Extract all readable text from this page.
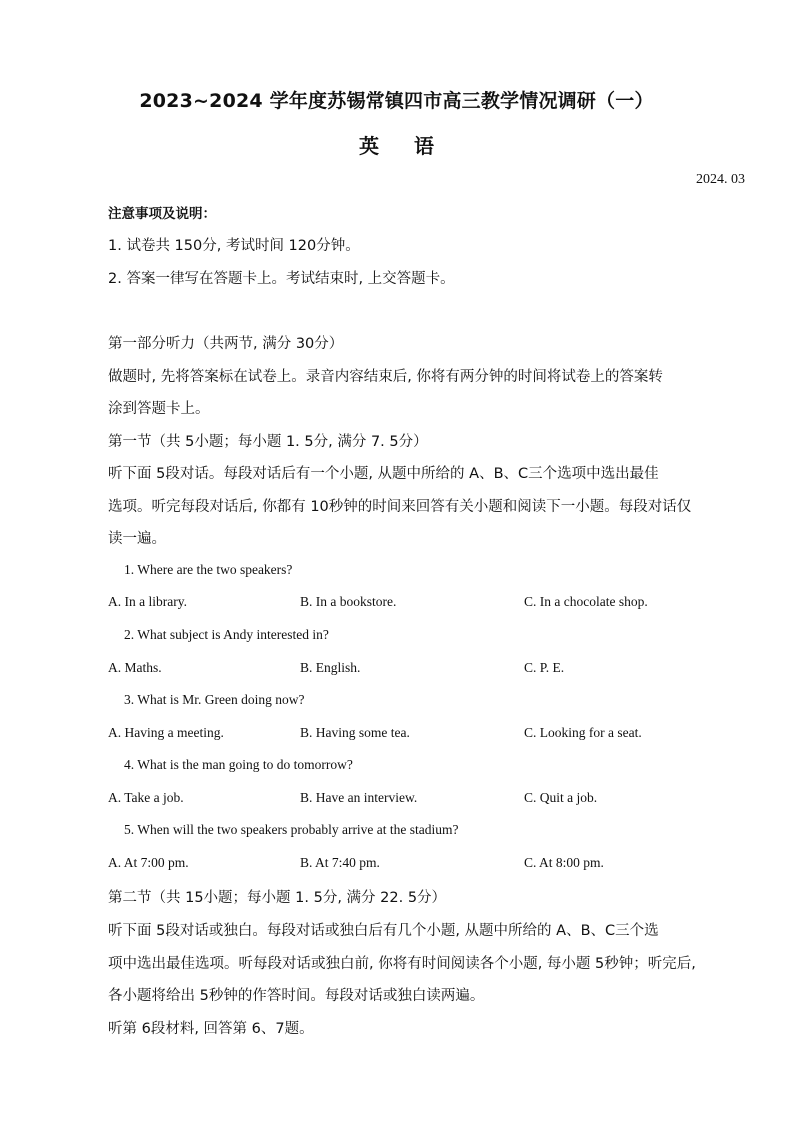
2023~2024 学年度苏锡常镇四市高三教学情况调研（一）
英 语
2024. 03
注意事项及说明：
1. 试卷共 150分, 考试时间 120分钟。
2. 答案一律写在答题卡上。考试结束时, 上交答题卡。
第一部分听力（共两节, 满分 30分）
做题时, 先将答案标在试卷上。录音内容结束后, 你将有两分钟的时间将试卷上的答案转
涂到答题卡上。
第一节（共 5小题；每小题 1. 5分, 满分 7. 5分）
听下面 5段对话。每段对话后有一个小题, 从题中所给的 A、B、C三个选项中选出最佳
选项。听完每段对话后, 你都有 10秒钟的时间来回答有关小题和阅读下一小题。每段对话仅
读一遍。
1. Where are the two speakers?
A. In a library.	B. In a bookstore.	C. In a chocolate shop.
2. What subject is Andy interested in?
A. Maths.	B. English.	C. P. E.
3. What is Mr. Green doing now?
A. Having a meeting.	B. Having some tea.	C. Looking for a seat.
4. What is the man going to do tomorrow?
A. Take a job.	B. Have an interview.	C. Quit a job.
5. When will the two speakers probably arrive at the stadium?
A. At 7:00 pm.	B. At 7:40 pm.	C. At 8:00 pm.
第二节（共 15小题；每小题 1. 5分, 满分 22. 5分）
听下面 5段对话或独白。每段对话或独白后有几个小题, 从题中所给的 A、B、C三个选
项中选出最佳选项。听每段对话或独白前, 你将有时间阅读各个小题, 每小题 5秒钟；听完后,
各小题将给出 5秒钟的作答时间。每段对话或独白读两遍。
听第 6段材料, 回答第 6、7题。
